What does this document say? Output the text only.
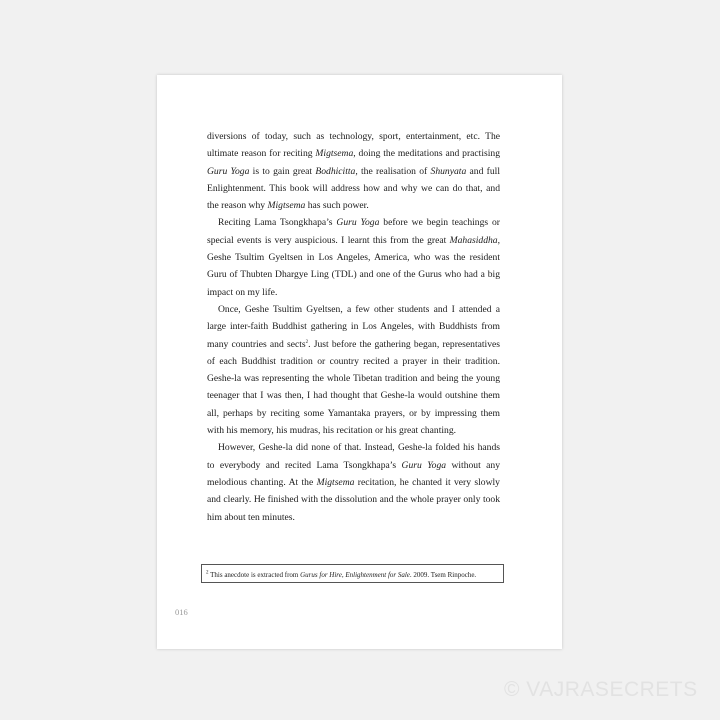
diversions of today, such as technology, sport, entertainment, etc. The ultimate reason for reciting Migtsema, doing the meditations and practising Guru Yoga is to gain great Bodhicitta, the realisation of Shunyata and full Enlightenment. This book will address how and why we can do that, and the reason why Migtsema has such power.

Reciting Lama Tsongkhapa’s Guru Yoga before we begin teachings or special events is very auspicious. I learnt this from the great Mahasiddha, Geshe Tsultim Gyeltsen in Los Angeles, America, who was the resident Guru of Thubten Dhargye Ling (TDL) and one of the Gurus who had a big impact on my life.

Once, Geshe Tsultim Gyeltsen, a few other students and I attended a large inter-faith Buddhist gathering in Los Angeles, with Buddhists from many countries and sects$^2$. Just before the gathering began, representatives of each Buddhist tradition or country recited a prayer in their tradition. Geshe-la was representing the whole Tibetan tradition and being the young teenager that I was then, I had thought that Geshe-la would outshine them all, perhaps by reciting some Yamantaka prayers, or by impressing them with his memory, his mudras, his recitation or his great chanting.

However, Geshe-la did none of that. Instead, Geshe-la folded his hands to everybody and recited Lama Tsongkhapa’s Guru Yoga without any melodious chanting. At the Migtsema recitation, he chanted it very slowly and clearly. He finished with the dissolution and the whole prayer only took him about ten minutes.

$^2$ This anecdote is extracted from Gurus for Hire, Enlightenment for Sale. 2009. Tsem Rinpoche.
016
© VAJRASECRETS
